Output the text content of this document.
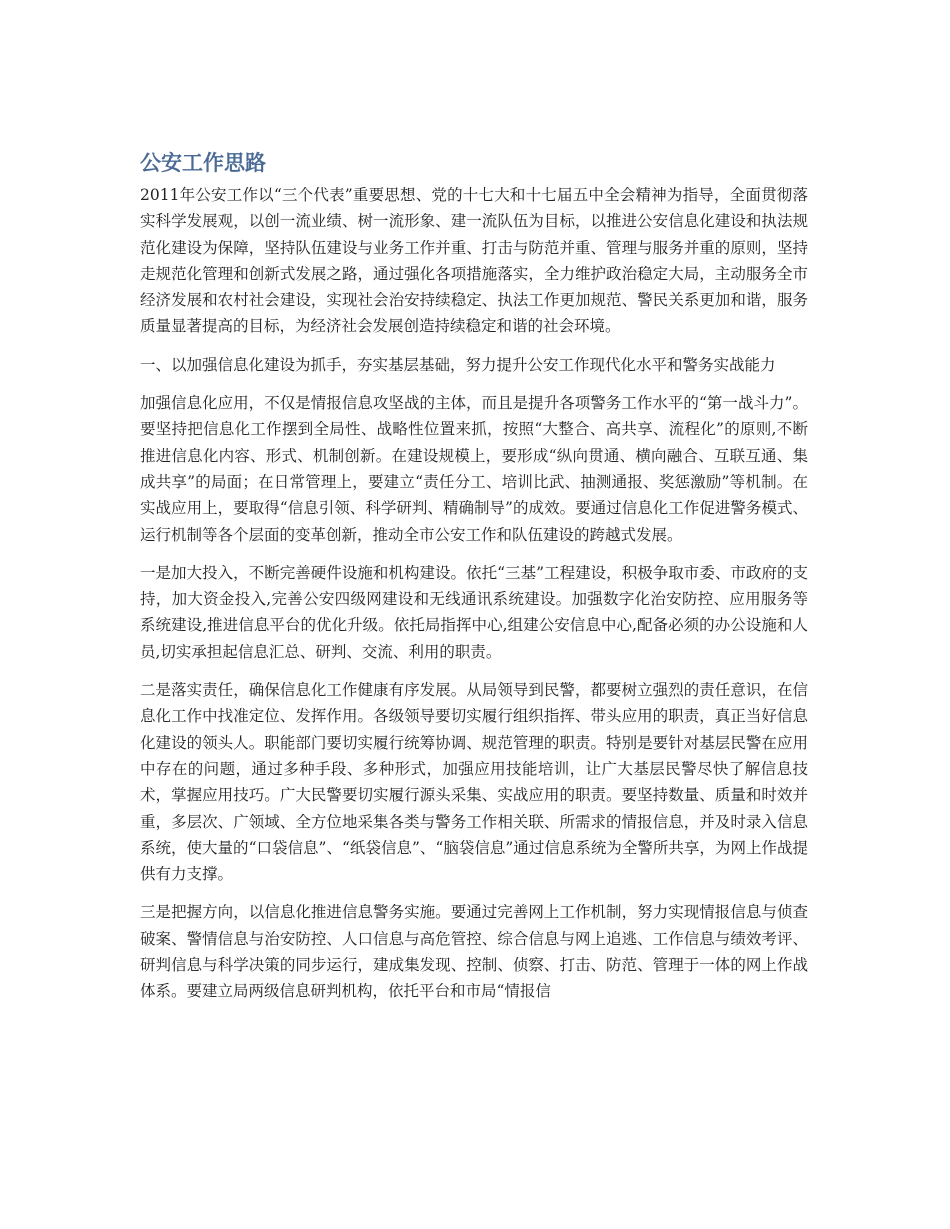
公安工作思路

2011年公安工作以“三个代表”重要思想、党的十七大和十七届五中全会精神为指导，全面贯彻落实科学发展观，以创一流业绩、树一流形象、建一流队伍为目标，以推进公安信息化建设和执法规范化建设为保障，坚持队伍建设与业务工作并重、打击与防范并重、管理与服务并重的原则，坚持走规范化管理和创新式发展之路，通过强化各项措施落实，全力维护政治稳定大局，主动服务全市经济发展和农村社会建设，实现社会治安持续稳定、执法工作更加规范、警民关系更加和谐，服务质量显著提高的目标，为经济社会发展创造持续稳定和谐的社会环境。

一、以加强信息化建设为抓手，夯实基层基础，努力提升公安工作现代化水平和警务实战能力

加强信息化应用，不仅是情报信息攻坚战的主体，而且是提升各项警务工作水平的“第一战斗力”。要坚持把信息化工作摆到全局性、战略性位置来抓，按照“大整合、高共享、流程化”的原则,不断推进信息化内容、形式、机制创新。在建设规模上，要形成“纵向贯通、横向融合、互联互通、集成共享”的局面；在日常管理上，要建立“责任分工、培训比武、抽测通报、奖惩激励”等机制。在实战应用上，要取得“信息引领、科学研判、精确制导”的成效。要通过信息化工作促进警务模式、运行机制等各个层面的变革创新，推动全市公安工作和队伍建设的跨越式发展。

一是加大投入，不断完善硬件设施和机构建设。依托“三基”工程建设，积极争取市委、市政府的支持，加大资金投入,完善公安四级网建设和无线通讯系统建设。加强数字化治安防控、应用服务等系统建设,推进信息平台的优化升级。依托局指挥中心,组建公安信息中心,配备必须的办公设施和人员,切实承担起信息汇总、研判、交流、利用的职责。

二是落实责任，确保信息化工作健康有序发展。从局领导到民警，都要树立强烈的责任意识，在信息化工作中找准定位、发挥作用。各级领导要切实履行组织指挥、带头应用的职责，真正当好信息化建设的领头人。职能部门要切实履行统筹协调、规范管理的职责。特别是要针对基层民警在应用中存在的问题，通过多种手段、多种形式，加强应用技能培训，让广大基层民警尽快了解信息技术，掌握应用技巧。广大民警要切实履行源头采集、实战应用的职责。要坚持数量、质量和时效并重，多层次、广领域、全方位地采集各类与警务工作相关联、所需求的情报信息，并及时录入信息系统，使大量的“口袋信息”、“纸袋信息”、“脑袋信息”通过信息系统为全警所共享，为网上作战提供有力支撑。

三是把握方向，以信息化推进信息警务实施。要通过完善网上工作机制，努力实现情报信息与侦查破案、警情信息与治安防控、人口信息与高危管控、综合信息与网上追逃、工作信息与绩效考评、研判信息与科学决策的同步运行，建成集发现、控制、侦察、打击、防范、管理于一体的网上作战体系。要建立局两级信息研判机构，依托平台和市局“情报信
